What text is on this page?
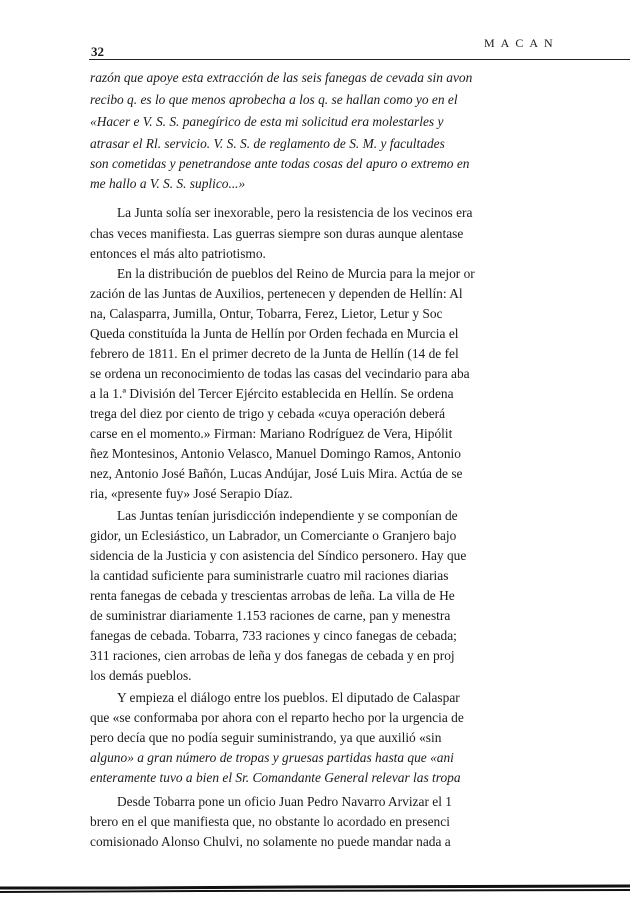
32
MACAN
razón que apoye esta extracción de las seis fanegas de cevada sin avon
recibo q. es lo que menos aprobecha a los q. se hallan como yo en el
«Hacer e V. S. S. panegírico de esta mi solicitud era molestarles y
atrasar el Rl. servicio. V. S. S. de reglamento de S. M. y facultades
son cometidas y penetrandose ante todas cosas del apuro o extremo en
me hallo a V. S. S. suplico...»
La Junta solía ser inexorable, pero la resistencia de los vecinos era
chas veces manifiesta. Las guerras siempre son duras aunque alentase
entonces el más alto patriotismo.
En la distribución de pueblos del Reino de Murcia para la mejor or
zación de las Juntas de Auxilios, pertenecen y dependen de Hellín: Al
na, Calasparra, Jumilla, Ontur, Tobarra, Ferez, Lietor, Letur y Soc
Queda constituída la Junta de Hellín por Orden fechada en Murcia el
febrero de 1811. En el primer decreto de la Junta de Hellín (14 de fel
se ordena un reconocimiento de todas las casas del vecindario para aba
a la 1.ª División del Tercer Ejército establecida en Hellín. Se ordena
trega del diez por ciento de trigo y cebada «cuya operación deberá
carse en el momento.» Firman: Mariano Rodríguez de Vera, Hipólit
ñez Montesinos, Antonio Velasco, Manuel Domingo Ramos, Antonio
nez, Antonio José Bañón, Lucas Andújar, José Luis Mira. Actúa de se
ria, «presente fuy» José Serapio Díaz.
Las Juntas tenían jurisdicción independiente y se componían de
gidor, un Eclesiástico, un Labrador, un Comerciante o Granjero bajo
sidencia de la Justicia y con asistencia del Síndico personero. Hay que
la cantidad suficiente para suministrarle cuatro mil raciones diarias
renta fanegas de cebada y trescientas arrobas de leña. La villa de He
de suministrar diariamente 1.153 raciones de carne, pan y menestra
fanegas de cebada. Tobarra, 733 raciones y cinco fanegas de cebada;
311 raciones, cien arrobas de leña y dos fanegas de cebada y en proj
los demás pueblos.
Y empieza el diálogo entre los pueblos. El diputado de Calaspar
que «se conformaba por ahora con el reparto hecho por la urgencia de
pero decía que no podía seguir suministrando, ya que auxilió «sin
alguno» a gran número de tropas y gruesas partidas hasta que «ani
enteramente tuvo a bien el Sr. Comandante General relevar las tropa
Desde Tobarra pone un oficio Juan Pedro Navarro Arvizar el 1
brero en el que manifiesta que, no obstante lo acordado en presenci
comisionado Alonso Chulvi, no solamente no puede mandar nada a
